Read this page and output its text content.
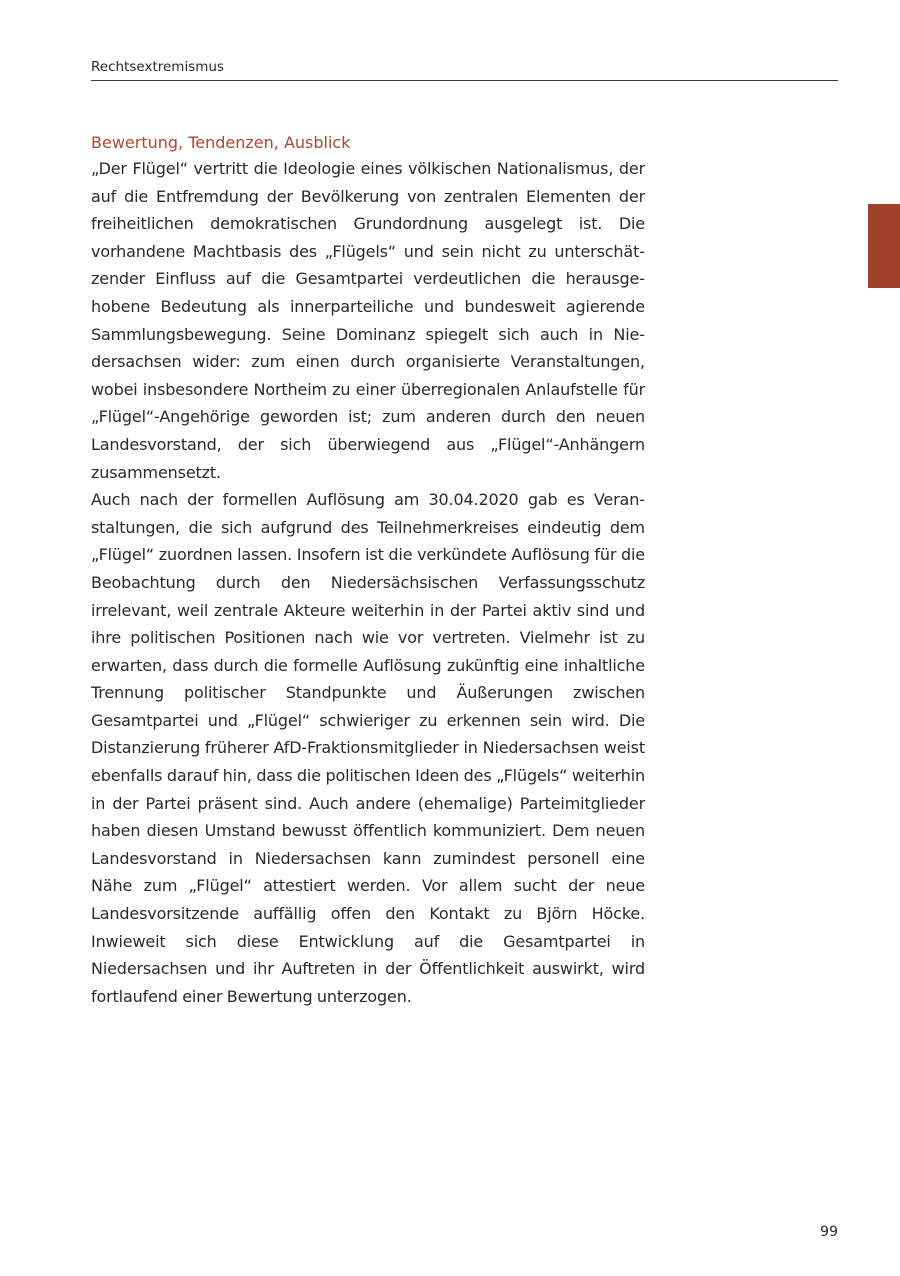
Rechtsextremismus
Bewertung, Tendenzen, Ausblick

„Der Flügel“ vertritt die Ideologie eines völkischen Nationalismus, der auf die Entfremdung der Bevölkerung von zentralen Elementen der freiheitlichen demokratischen Grundordnung ausgelegt ist. Die vorhandene Machtbasis des „Flügels“ und sein nicht zu unterschätzender Einfluss auf die Gesamtpartei verdeutlichen die herausgehobene Bedeutung als innerparteiliche und bundesweit agierende Sammlungsbewegung. Seine Dominanz spiegelt sich auch in Niedersachsen wider: zum einen durch organisierte Veranstaltungen, wobei insbesondere Northeim zu einer überregionalen Anlaufstelle für „Flügel“-Angehörige geworden ist; zum anderen durch den neuen Landesvorstand, der sich überwiegend aus „Flügel“-Anhängern zusammensetzt.

Auch nach der formellen Auflösung am 30.04.2020 gab es Veranstaltungen, die sich aufgrund des Teilnehmerkreises eindeutig dem „Flügel“ zuordnen lassen. Insofern ist die verkündete Auflösung für die Beobachtung durch den Niedersächsischen Verfassungsschutz irrelevant, weil zentrale Akteure weiterhin in der Partei aktiv sind und ihre politischen Positionen nach wie vor vertreten. Vielmehr ist zu erwarten, dass durch die formelle Auflösung zukünftig eine inhaltliche Trennung politischer Standpunkte und Äußerungen zwischen Gesamtpartei und „Flügel“ schwieriger zu erkennen sein wird. Die Distanzierung früherer AfD-Fraktionsmitglieder in Niedersachsen weist ebenfalls darauf hin, dass die politischen Ideen des „Flügels“ weiterhin in der Partei präsent sind. Auch andere (ehemalige) Parteimitglieder haben diesen Umstand bewusst öffentlich kommuniziert. Dem neuen Landesvorstand in Niedersachsen kann zumindest personell eine Nähe zum „Flügel“ attestiert werden. Vor allem sucht der neue Landesvorsitzende auffällig offen den Kontakt zu Björn Höcke. Inwieweit sich diese Entwicklung auf die Gesamtpartei in Niedersachsen und ihr Auftreten in der Öffentlichkeit auswirkt, wird fortlaufend einer Bewertung unterzogen.

99
